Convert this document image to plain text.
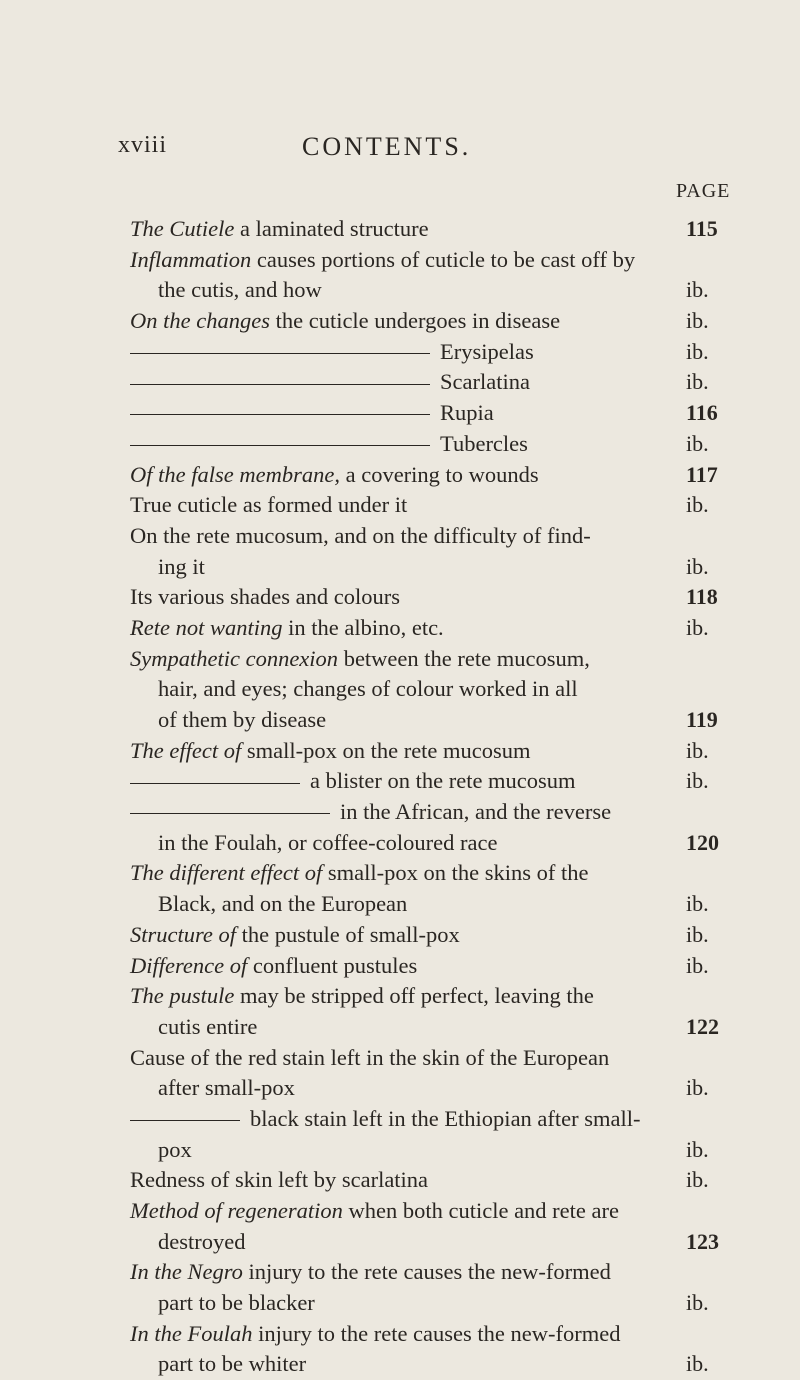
xviii	CONTENTS.
PAGE
The Cutiele a laminated structure	115
Inflammation causes portions of cuticle to be cast off by
the cutis, and how	ib.
On the changes the cuticle undergoes in disease	ib.
Erysipelas	ib.
Scarlatina	ib.
Rupia	116
Tubercles	ib.
Of the false membrane, a covering to wounds	117
True cuticle as formed under it	ib.
On the rete mucosum, and on the difficulty of find-
ing it	ib.
Its various shades and colours	118
Rete not wanting in the albino, etc.	ib.
Sympathetic connexion between the rete mucosum,
hair, and eyes; changes of colour worked in all
of them by disease	119
The effect of small-pox on the rete mucosum	ib.
a blister on the rete mucosum	ib.
in the African, and the reverse
in the Foulah, or coffee-coloured race	120
The different effect of small-pox on the skins of the
Black, and on the European	ib.
Structure of the pustule of small-pox	ib.
Difference of confluent pustules	ib.
The pustule may be stripped off perfect, leaving the
cutis entire	122
Cause of the red stain left in the skin of the European
after small-pox	ib.
black stain left in the Ethiopian after small-
pox	ib.
Redness of skin left by scarlatina	ib.
Method of regeneration when both cuticle and rete are
destroyed	123
In the Negro injury to the rete causes the new-formed
part to be blacker	ib.
In the Foulah injury to the rete causes the new-formed
part to be whiter	ib.
